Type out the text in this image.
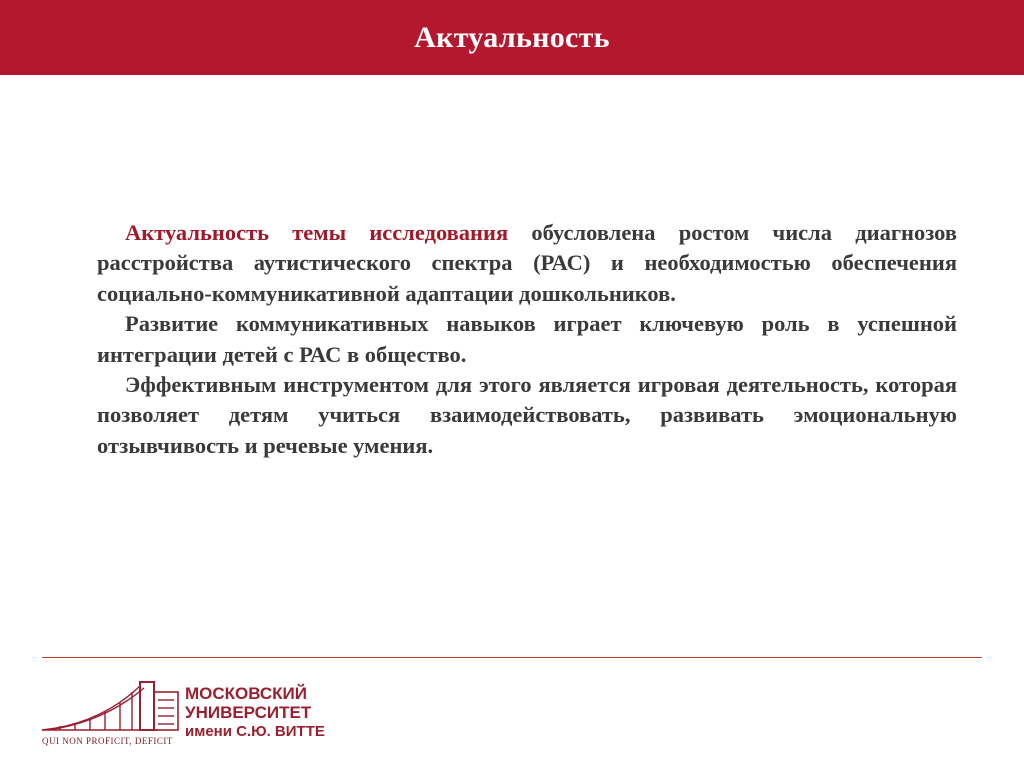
Актуальность

Актуальность темы исследования обусловлена ростом числа диагнозов расстройства аутистического спектра (РАС) и необходимостью обеспечения социально-коммуникативной адаптации дошкольников.

Развитие коммуникативных навыков играет ключевую роль в успешной интеграции детей с РАС в общество.

Эффективным инструментом для этого является игровая деятельность, которая позволяет детям учиться взаимодействовать, развивать эмоциональную отзывчивость и речевые умения.

QUI NON PROFICIT, DEFICIT
МОСКОВСКИЙ
УНИВЕРСИТЕТ
имени С.Ю. ВИТТЕ
